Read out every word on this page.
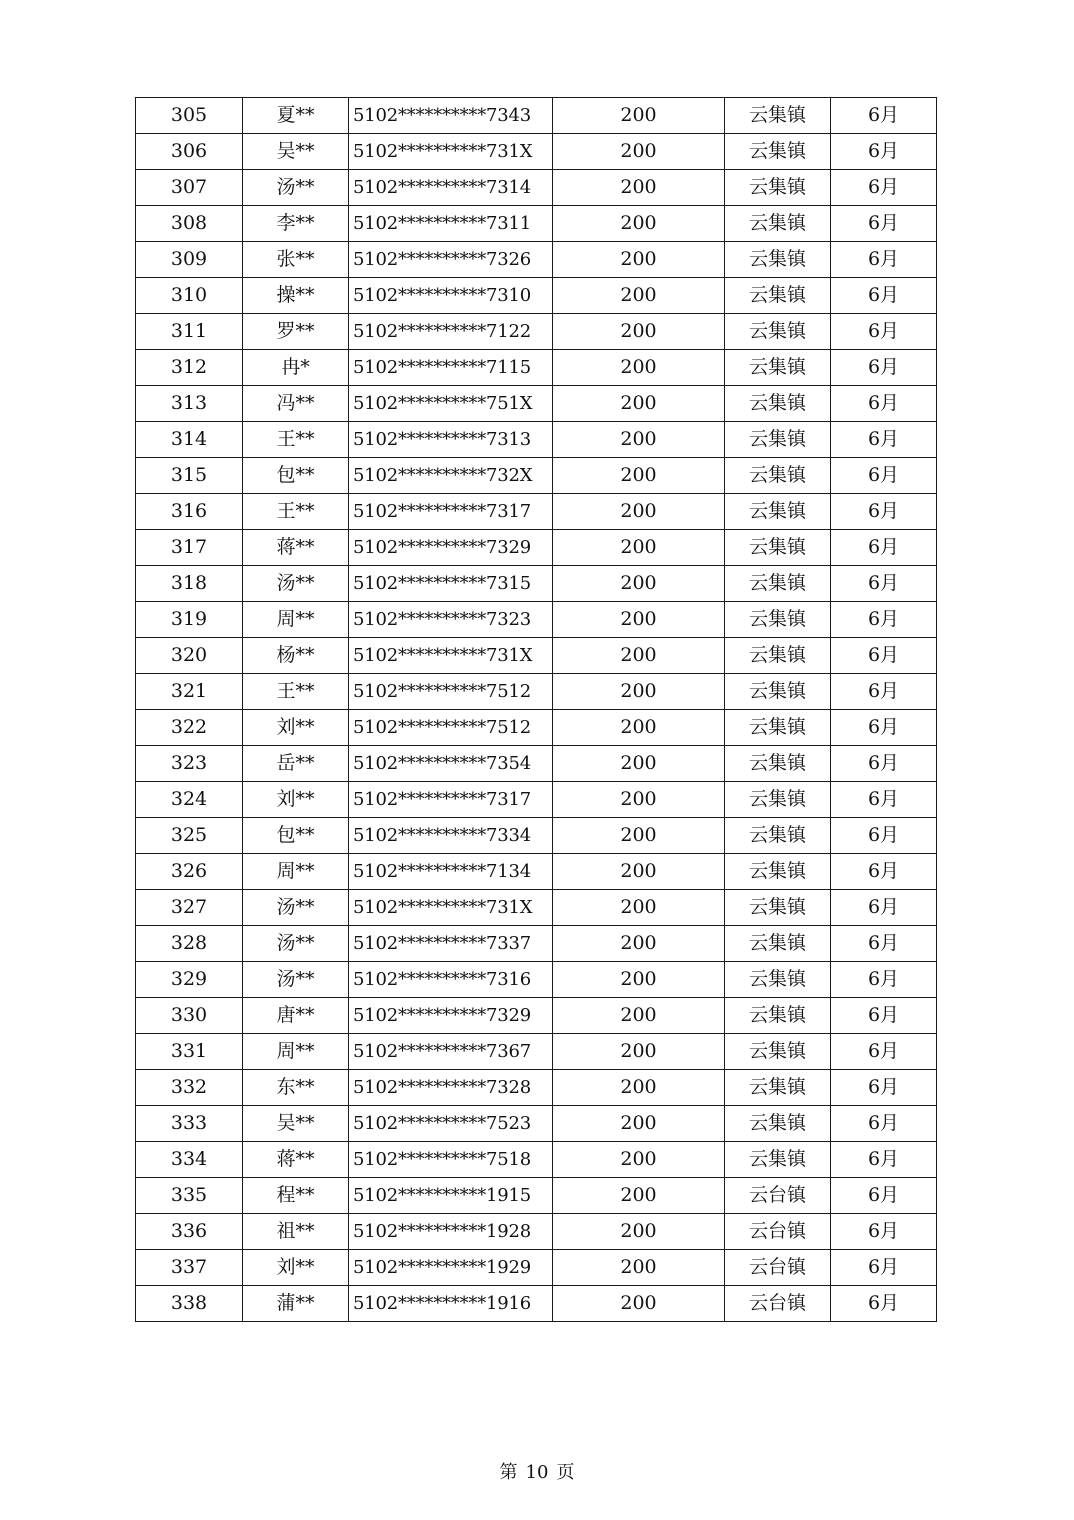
305	夏**	5102**********7343	200	云集镇	6月
306	吴**	5102**********731X	200	云集镇	6月
307	汤**	5102**********7314	200	云集镇	6月
308	李**	5102**********7311	200	云集镇	6月
309	张**	5102**********7326	200	云集镇	6月
310	操**	5102**********7310	200	云集镇	6月
311	罗**	5102**********7122	200	云集镇	6月
312	冉*	5102**********7115	200	云集镇	6月
313	冯**	5102**********751X	200	云集镇	6月
314	王**	5102**********7313	200	云集镇	6月
315	包**	5102**********732X	200	云集镇	6月
316	王**	5102**********7317	200	云集镇	6月
317	蒋**	5102**********7329	200	云集镇	6月
318	汤**	5102**********7315	200	云集镇	6月
319	周**	5102**********7323	200	云集镇	6月
320	杨**	5102**********731X	200	云集镇	6月
321	王**	5102**********7512	200	云集镇	6月
322	刘**	5102**********7512	200	云集镇	6月
323	岳**	5102**********7354	200	云集镇	6月
324	刘**	5102**********7317	200	云集镇	6月
325	包**	5102**********7334	200	云集镇	6月
326	周**	5102**********7134	200	云集镇	6月
327	汤**	5102**********731X	200	云集镇	6月
328	汤**	5102**********7337	200	云集镇	6月
329	汤**	5102**********7316	200	云集镇	6月
330	唐**	5102**********7329	200	云集镇	6月
331	周**	5102**********7367	200	云集镇	6月
332	东**	5102**********7328	200	云集镇	6月
333	吴**	5102**********7523	200	云集镇	6月
334	蒋**	5102**********7518	200	云集镇	6月
335	程**	5102**********1915	200	云台镇	6月
336	祖**	5102**********1928	200	云台镇	6月
337	刘**	5102**********1929	200	云台镇	6月
338	蒲**	5102**********1916	200	云台镇	6月
第 10 页
